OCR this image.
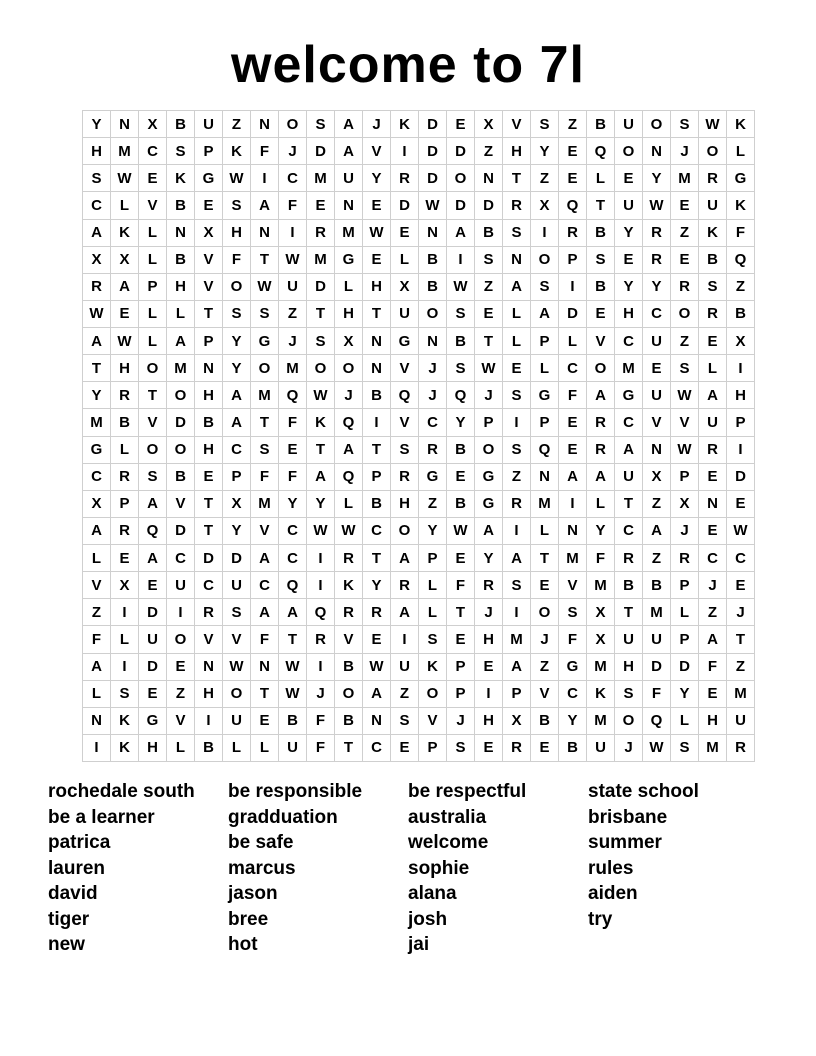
welcome to 7l
Y	N	X	B	U	Z	N	O	S	A	J	K	D	E	X	V	S	Z	B	U	O	S	W	K
H	M	C	S	P	K	F	J	D	A	V	I	D	D	Z	H	Y	E	Q	O	N	J	O	L
S	W	E	K	G	W	I	C	M	U	Y	R	D	O	N	T	Z	E	L	E	Y	M	R	G
C	L	V	B	E	S	A	F	E	N	E	D	W	D	D	R	X	Q	T	U	W	E	U	K
A	K	L	N	X	H	N	I	R	M	W	E	N	A	B	S	I	R	B	Y	R	Z	K	F
X	X	L	B	V	F	T	W	M	G	E	L	B	I	S	N	O	P	S	E	R	E	B	Q
R	A	P	H	V	O	W	U	D	L	H	X	B	W	Z	A	S	I	B	Y	Y	R	S	Z
W	E	L	L	T	S	S	Z	T	H	T	U	O	S	E	L	A	D	E	H	C	O	R	B
A	W	L	A	P	Y	G	J	S	X	N	G	N	B	T	L	P	L	V	C	U	Z	E	X
T	H	O	M	N	Y	O	M	O	O	N	V	J	S	W	E	L	C	O	M	E	S	L	I
Y	R	T	O	H	A	M	Q	W	J	B	Q	J	Q	J	S	G	F	A	G	U	W	A	H
M	B	V	D	B	A	T	F	K	Q	I	V	C	Y	P	I	P	E	R	C	V	V	U	P
G	L	O	O	H	C	S	E	T	A	T	S	R	B	O	S	Q	E	R	A	N	W	R	I
C	R	S	B	E	P	F	F	A	Q	P	R	G	E	G	Z	N	A	A	U	X	P	E	D
X	P	A	V	T	X	M	Y	Y	L	B	H	Z	B	G	R	M	I	L	T	Z	X	N	E
A	R	Q	D	T	Y	V	C	W	W	C	O	Y	W	A	I	L	N	Y	C	A	J	E	W
L	E	A	C	D	D	A	C	I	R	T	A	P	E	Y	A	T	M	F	R	Z	R	C	C
V	X	E	U	C	U	C	Q	I	K	Y	R	L	F	R	S	E	V	M	B	B	P	J	E
Z	I	D	I	R	S	A	A	Q	R	R	A	L	T	J	I	O	S	X	T	M	L	Z	J
F	L	U	O	V	V	F	T	R	V	E	I	S	E	H	M	J	F	X	U	U	P	A	T
A	I	D	E	N	W	N	W	I	B	W	U	K	P	E	A	Z	G	M	H	D	D	F	Z
L	S	E	Z	H	O	T	W	J	O	A	Z	O	P	I	P	V	C	K	S	F	Y	E	M
N	K	G	V	I	U	E	B	F	B	N	S	V	J	H	X	B	Y	M	O	Q	L	H	U
I	K	H	L	B	L	L	U	F	T	C	E	P	S	E	R	E	B	U	J	W	S	M	R
rochedale south
be a learner
patrica
lauren
david
tiger
new
be responsible
gradduation
be safe
marcus
jason
bree
hot
be respectful
australia
welcome
sophie
alana
josh
jai
state school
brisbane
summer
rules
aiden
try
